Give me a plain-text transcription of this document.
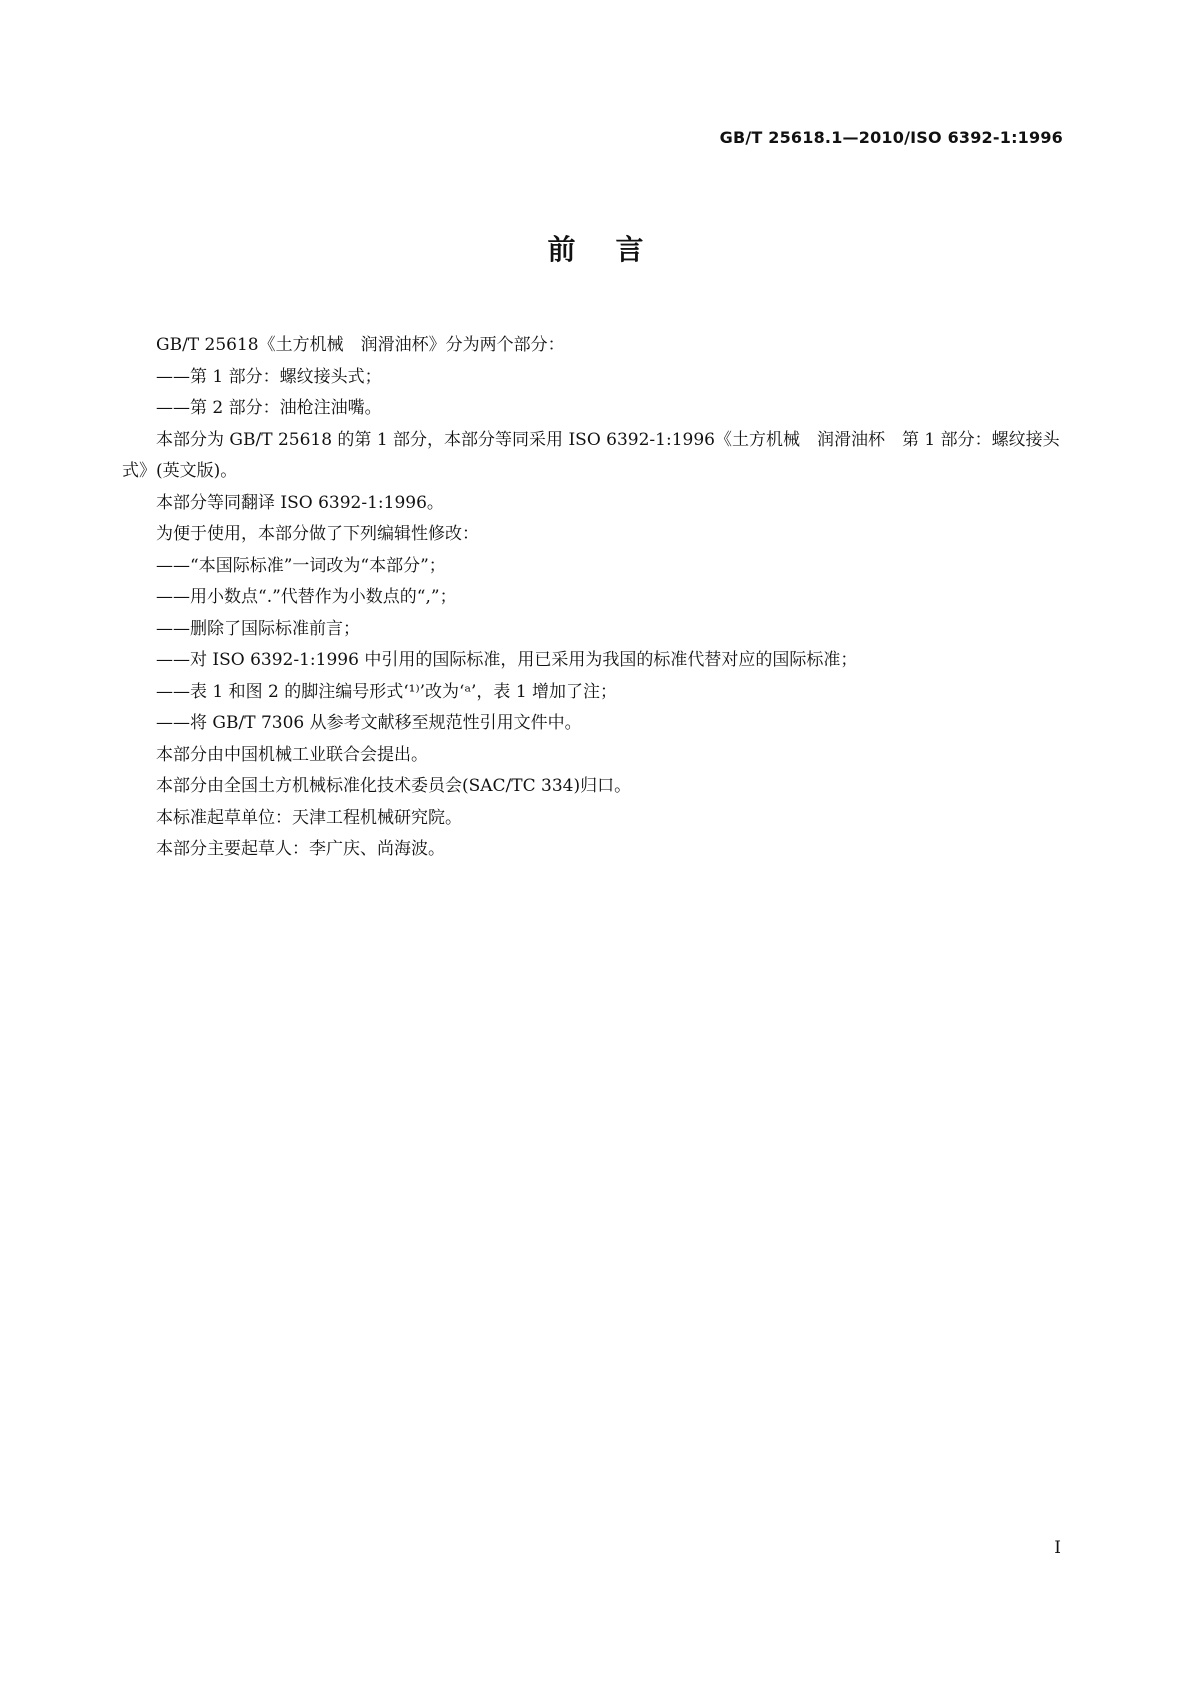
GB/T 25618.1—2010/ISO 6392-1:1996
前言

GB/T 25618《土方机械　润滑油杯》分为两个部分：

——第 1 部分：螺纹接头式；

——第 2 部分：油枪注油嘴。

本部分为 GB/T 25618 的第 1 部分，本部分等同采用 ISO 6392-1:1996《土方机械　润滑油杯　第 1 部分：螺纹接头式》(英文版)。

本部分等同翻译 ISO 6392-1:1996。

为便于使用，本部分做了下列编辑性修改：

——“本国际标准”一词改为“本部分”；

——用小数点“.”代替作为小数点的“,”；

——删除了国际标准前言；

——对 ISO 6392-1:1996 中引用的国际标准，用已采用为我国的标准代替对应的国际标准；

——表 1 和图 2 的脚注编号形式‘¹⁾’改为‘ᵃ’，表 1 增加了注；

——将 GB/T 7306 从参考文献移至规范性引用文件中。

本部分由中国机械工业联合会提出。

本部分由全国土方机械标准化技术委员会(SAC/TC 334)归口。

本标准起草单位：天津工程机械研究院。

本部分主要起草人：李广庆、尚海波。

I
